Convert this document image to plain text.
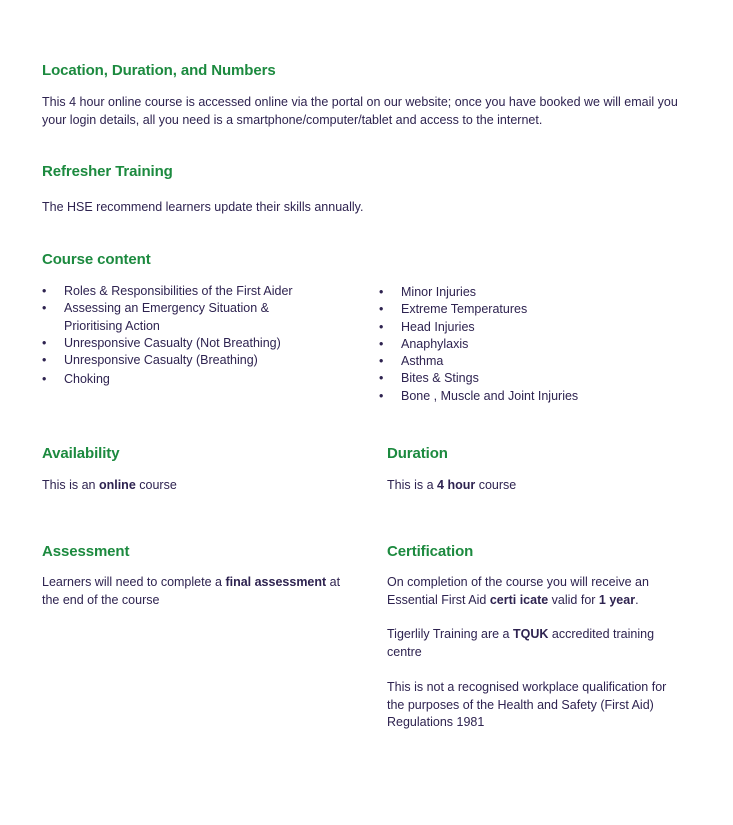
Location, Duration, and Numbers

This 4 hour online course is accessed online via the portal on our website; once you have booked we will email you your login details, all you need is a smartphone/computer/tablet and access to the internet.

Refresher Training

The HSE recommend learners update their skills annually.

Course content
• Roles & Responsibilities of the First Aider
• Assessing an Emergency Situation & Prioritising Action
• Unresponsive Casualty (Not Breathing)
• Unresponsive Casualty (Breathing)
• Choking
• Minor Injuries
• Extreme Temperatures
• Head Injuries
• Anaphylaxis
• Asthma
• Bites & Stings
• Bone , Muscle and Joint Injuries
Availability

This is an online course

Duration

This is a 4 hour course

Assessment

Learners will need to complete a final assessment at the end of the course

Certification

On completion of the course you will receive an Essential First Aid certi icate valid for 1 year.

Tigerlily Training are a TQUK accredited training centre

This is not a recognised workplace qualification for the purposes of the Health and Safety (First Aid) Regulations 1981
